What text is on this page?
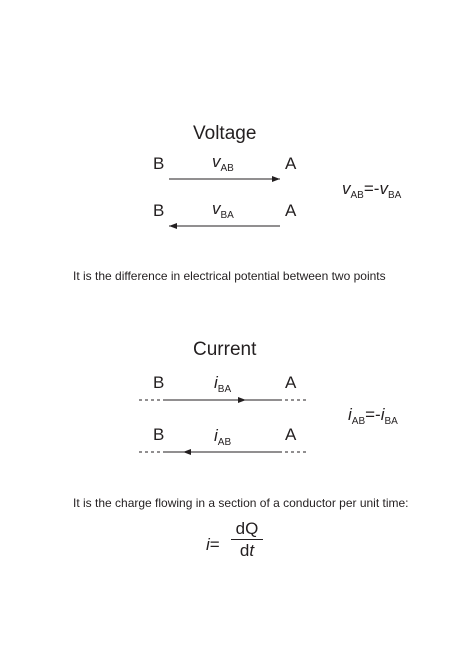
Voltage
B	$v_{AB}$	A
B	$v_{BA}$	A
$v_{AB}=-v_{BA}$
It is the difference in electrical potential between two points
Current
B	$i_{BA}$	A
B	$i_{AB}$	A
$i_{AB}=-i_{BA}$
It is the charge flowing in a section of a conductor per unit time:
i=
dQ
dt
